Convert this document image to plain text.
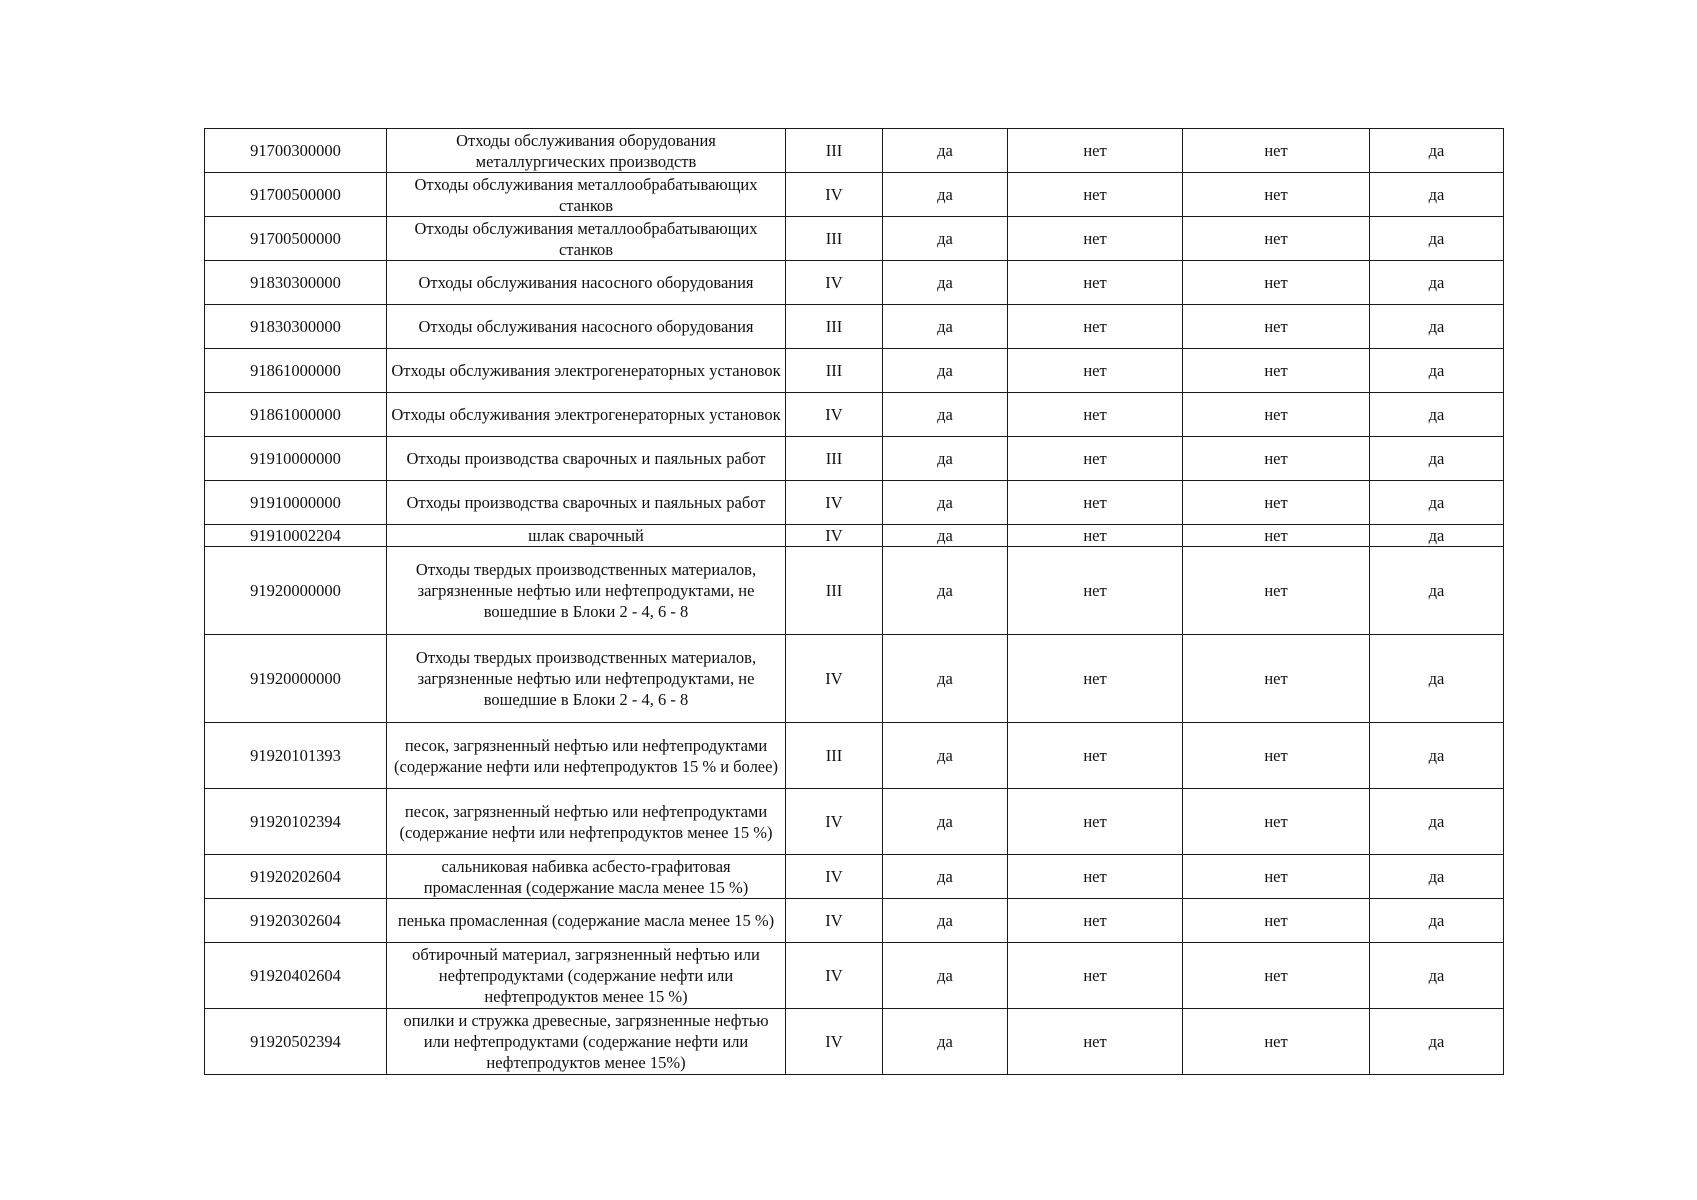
91700300000	Отходы обслуживания оборудования металлургических производств	III	да	нет	нет	да
91700500000	Отходы обслуживания металлообрабатывающих станков	IV	да	нет	нет	да
91700500000	Отходы обслуживания металлообрабатывающих станков	III	да	нет	нет	да
91830300000	Отходы обслуживания насосного оборудования	IV	да	нет	нет	да
91830300000	Отходы обслуживания насосного оборудования	III	да	нет	нет	да
91861000000	Отходы обслуживания электрогенераторных установок	III	да	нет	нет	да
91861000000	Отходы обслуживания электрогенераторных установок	IV	да	нет	нет	да
91910000000	Отходы производства сварочных и паяльных работ	III	да	нет	нет	да
91910000000	Отходы производства сварочных и паяльных работ	IV	да	нет	нет	да
91910002204	шлак сварочный	IV	да	нет	нет	да
91920000000	Отходы твердых производственных материалов, загрязненные нефтью или нефтепродуктами, не вошедшие в Блоки 2 - 4, 6 - 8	III	да	нет	нет	да
91920000000	Отходы твердых производственных материалов, загрязненные нефтью или нефтепродуктами, не вошедшие в Блоки 2 - 4, 6 - 8	IV	да	нет	нет	да
91920101393	песок, загрязненный нефтью или нефтепродуктами (содержание нефти или нефтепродуктов 15 % и более)	III	да	нет	нет	да
91920102394	песок, загрязненный нефтью или нефтепродуктами (содержание нефти или нефтепродуктов менее 15 %)	IV	да	нет	нет	да
91920202604	сальниковая набивка асбесто-графитовая промасленная (содержание масла менее 15 %)	IV	да	нет	нет	да
91920302604	пенька промасленная (содержание масла менее 15 %)	IV	да	нет	нет	да
91920402604	обтирочный материал, загрязненный нефтью или нефтепродуктами (содержание нефти или нефтепродуктов менее 15 %)	IV	да	нет	нет	да
91920502394	опилки и стружка древесные, загрязненные нефтью или нефтепродуктами (содержание нефти или нефтепродуктов менее 15%)	IV	да	нет	нет	да
